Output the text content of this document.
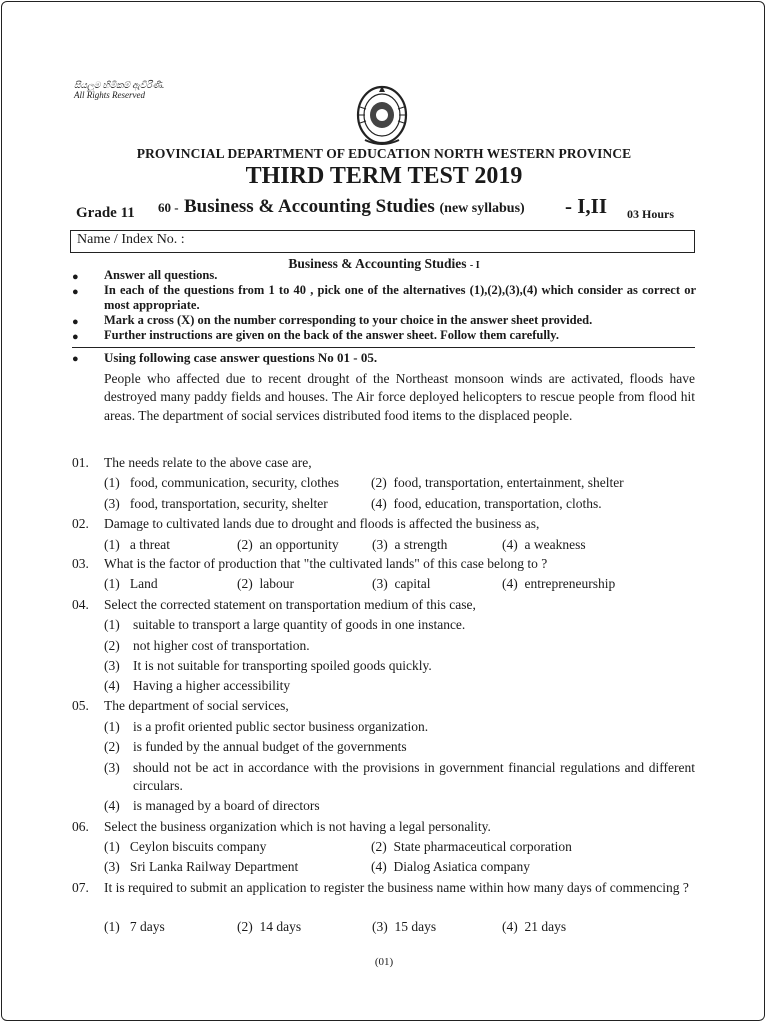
සියලුම හිමිකම් ඇවිරිණි.
All Rights Reserved
PROVINCIAL DEPARTMENT OF EDUCATION NORTH WESTERN PROVINCE
THIRD TERM TEST 2019
Grade 11 60 - Business & Accounting Studies (new syllabus) - I,II 03 Hours
Name / Index No. :
Business & Accounting Studies - I
● Answer all questions.
● In each of the questions from 1 to 40 , pick one of the alternatives (1),(2),(3),(4) which consider as correct or most appropriate.
● Mark a cross (X) on the number corresponding to your choice in the answer sheet provided.
● Further instructions are given on the back of the answer sheet. Follow them carefully.
● Using following case answer questions No 01 - 05.
People who affected due to recent drought of the Northeast monsoon winds are activated, floods have destroyed many paddy fields and houses. The Air force deployed helicopters to rescue people from flood hit areas. The department of social services distributed food items to the displaced people.
01. The needs relate to the above case are,
(1) food, communication, security, clothes (2) food, transportation, entertainment, shelter
(3) food, transportation, security, shelter	(4) food, education, transportation, cloths.
02. Damage to cultivated lands due to drought and floods is affected the business as,
(1) a threat	(2) an opportunity (3) a strength	(4) a weakness
03. What is the factor of production that "the cultivated lands" of this case belong to ?
(1) Land	(2) labour	(3) capital	(4) entrepreneurship
04. Select the corrected statement on transportation medium of this case,
(1) suitable to transport a large quantity of goods in one instance.
(2) not higher cost of transportation.
(3) It is not suitable for transporting spoiled goods quickly.
(4) Having a higher accessibility
05. The department of social services,
(1) is a profit oriented public sector business organization.
(2) is funded by the annual budget of the governments
(3) should not be act in accordance with the provisions in government financial regulations and different circulars.
(4) is managed by a board of directors
06. Select the business organization which is not having a legal personality.
(1) Ceylon biscuits company	(2) State pharmaceutical corporation
(3) Sri Lanka Railway Department	(4) Dialog Asiatica company
07. It is required to submit an application to register the business name within how many days of commencing ?
(1) 7 days	(2) 14 days	(3) 15 days	(4) 21 days
(01)
